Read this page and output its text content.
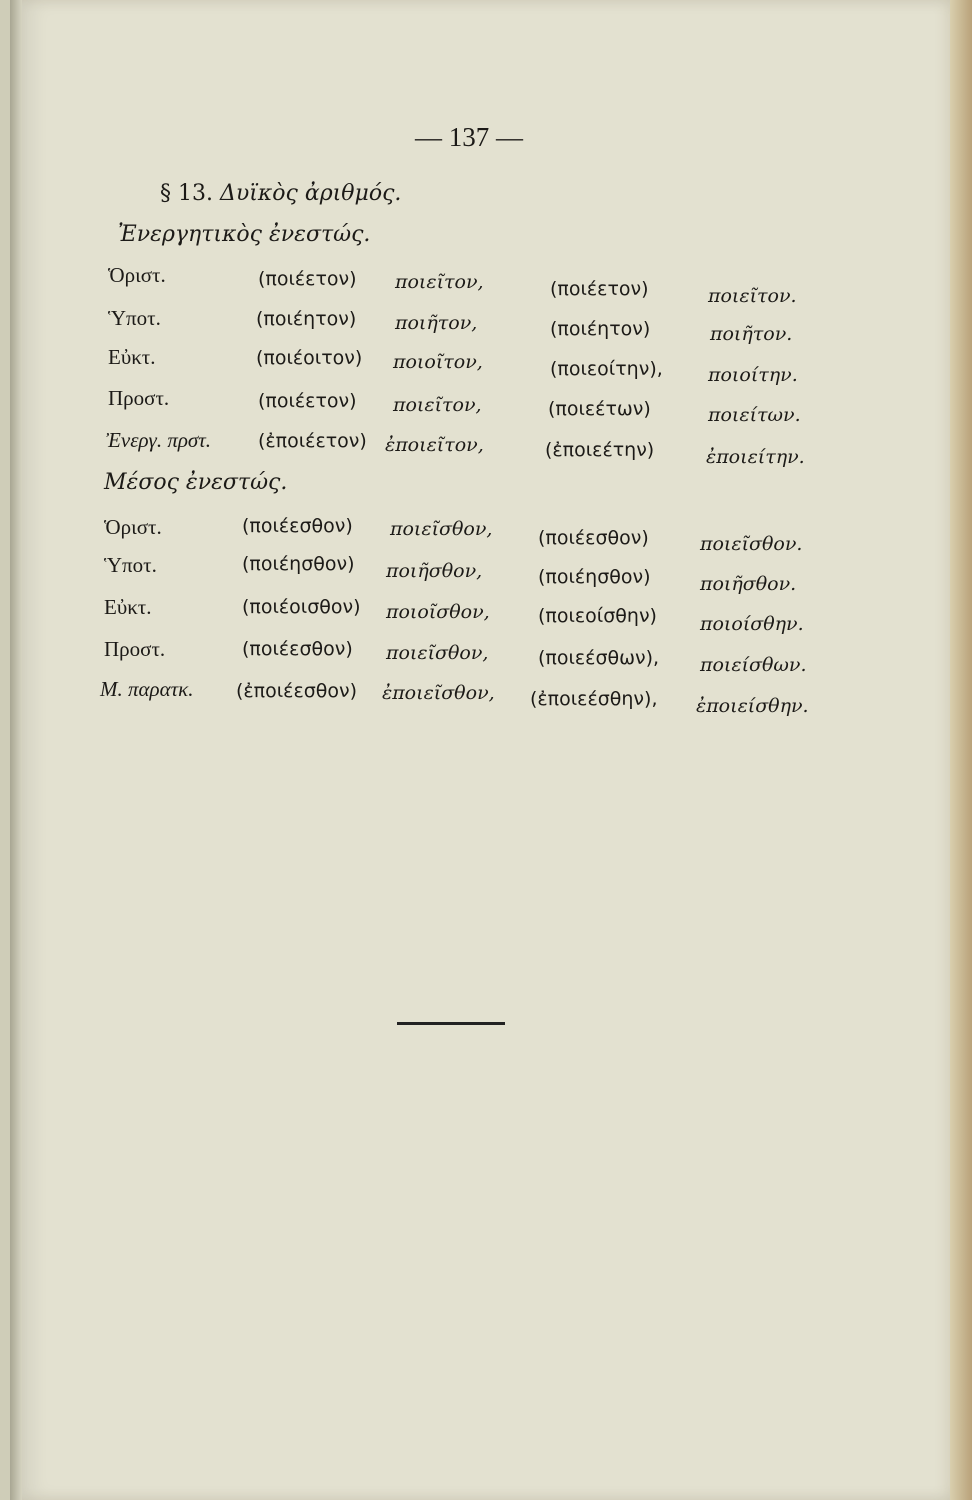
— 137 —
§ 13. Δυϊκὸς ἀριθμός.
Ἐνεργητικὸς ἐνεστώς.
Ὁριστ.	(ποιέετον) ποιεῖτον,	(ποιέετον)	ποιεῖτον.
Ὑποτ.	(ποιέητον) ποιῆτον,	(ποιέητον)	ποιῆτον.
Εὐκτ.	(ποιέοιτον) ποιοῖτον,	(ποιεοίτην), ποιοίτην.
Προστ.	(ποιέετον) ποιεῖτον,	(ποιεέτων)	ποιείτων.
Ἐνεργ. πρστ. (ἐποιέετον) ἐποιεῖτον,	(ἐποιεέτην)	ἐποιείτην.
Μέσος ἐνεστώς.
Ὁριστ.	(ποιέεσθον) ποιεῖσθον, (ποιέεσθον)	ποιεῖσθον.
Ὑποτ.	(ποιέησθον) ποιῆσθον,	(ποιέησθον)	ποιῆσθον.
Εὐκτ.	(ποιέοισθον) ποιοῖσθον,	(ποιεοίσθην) ποιοίσθην.
Προστ.	(ποιέεσθον) ποιεῖσθον,	(ποιεέσθων), ποιείσθων.
Μ. παρατκ. (ἐποιέεσθον) ἐποιεῖσθον, (ἐποιεέσθην), ἐποιείσθην.
